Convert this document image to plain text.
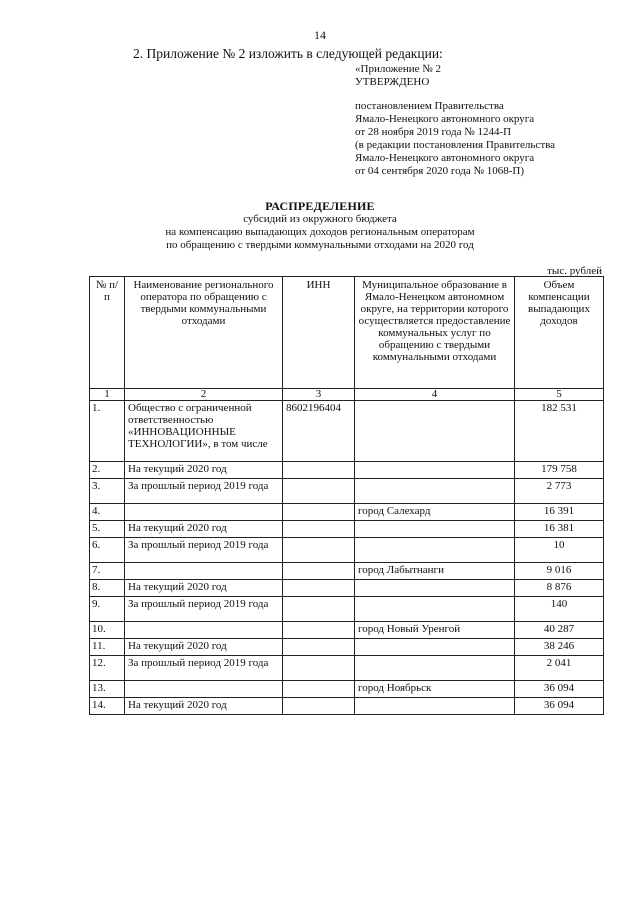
14
2. Приложение № 2 изложить в следующей редакции:
«Приложение № 2
УТВЕРЖДЕНО
постановлением Правительства
Ямало-Ненецкого автономного округа
от 28 ноября 2019 года № 1244-П
(в редакции постановления Правительства
Ямало-Ненецкого автономного округа
от 04 сентября 2020 года № 1068-П)
РАСПРЕДЕЛЕНИЕ
субсидий из окружного бюджета
на компенсацию выпадающих доходов региональным операторам
по обращению с твердыми коммунальными отходами на 2020 год
тыс. рублей
№ п/п	Наименование регионального оператора по обращению с твердыми коммунальными отходами	ИНН	Муниципальное образование в Ямало-Ненецком автономном округе, на территории которого осуществляется предоставление коммунальных услуг по обращению с твердыми коммунальными отходами	Объем компенсации выпадающих доходов
1	2	3	4	5
1.	Общество с ограниченной ответственностью «ИННОВАЦИОННЫЕ ТЕХНОЛОГИИ», в том числе	8602196404		182 531
2.	На текущий 2020 год			179 758
3.	За прошлый период 2019 года			2 773
4.			город Салехард	16 391
5.	На текущий 2020 год			16 381
6.	За прошлый период 2019 года			10
7.			город Лабытнанги	9 016
8.	На текущий 2020 год			8 876
9.	За прошлый период 2019 года			140
10.			город Новый Уренгой	40 287
11.	На текущий 2020 год			38 246
12.	За прошлый период 2019 года			2 041
13.			город Ноябрьск	36 094
14.	На текущий 2020 год			36 094
